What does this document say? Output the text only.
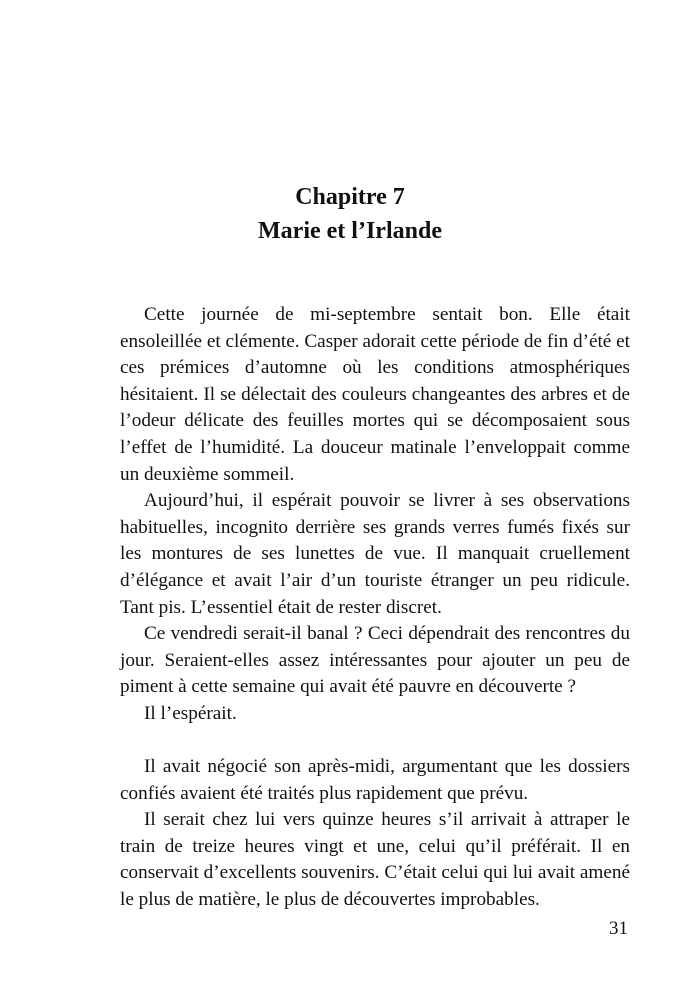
Chapitre 7
Marie et l’Irlande

Cette journée de mi-septembre sentait bon. Elle était ensoleillée et clémente. Casper adorait cette période de fin d’été et ces prémices d’automne où les conditions atmosphériques hésitaient. Il se délectait des couleurs changeantes des arbres et de l’odeur délicate des feuilles mortes qui se décomposaient sous l’effet de l’humidité. La douceur matinale l’enveloppait comme un deuxième sommeil.

Aujourd’hui, il espérait pouvoir se livrer à ses observations habituelles, incognito derrière ses grands verres fumés fixés sur les montures de ses lunettes de vue. Il manquait cruellement d’élégance et avait l’air d’un touriste étranger un peu ridicule. Tant pis. L’essentiel était de rester discret.

Ce vendredi serait-il banal ? Ceci dépendrait des rencontres du jour. Seraient-elles assez intéressantes pour ajouter un peu de piment à cette semaine qui avait été pauvre en découverte ?

Il l’espérait.

Il avait négocié son après-midi, argumentant que les dossiers confiés avaient été traités plus rapidement que prévu.

Il serait chez lui vers quinze heures s’il arrivait à attraper le train de treize heures vingt et une, celui qu’il préférait. Il en conservait d’excellents souvenirs. C’était celui qui lui avait amené le plus de matière, le plus de découvertes improbables.

31
